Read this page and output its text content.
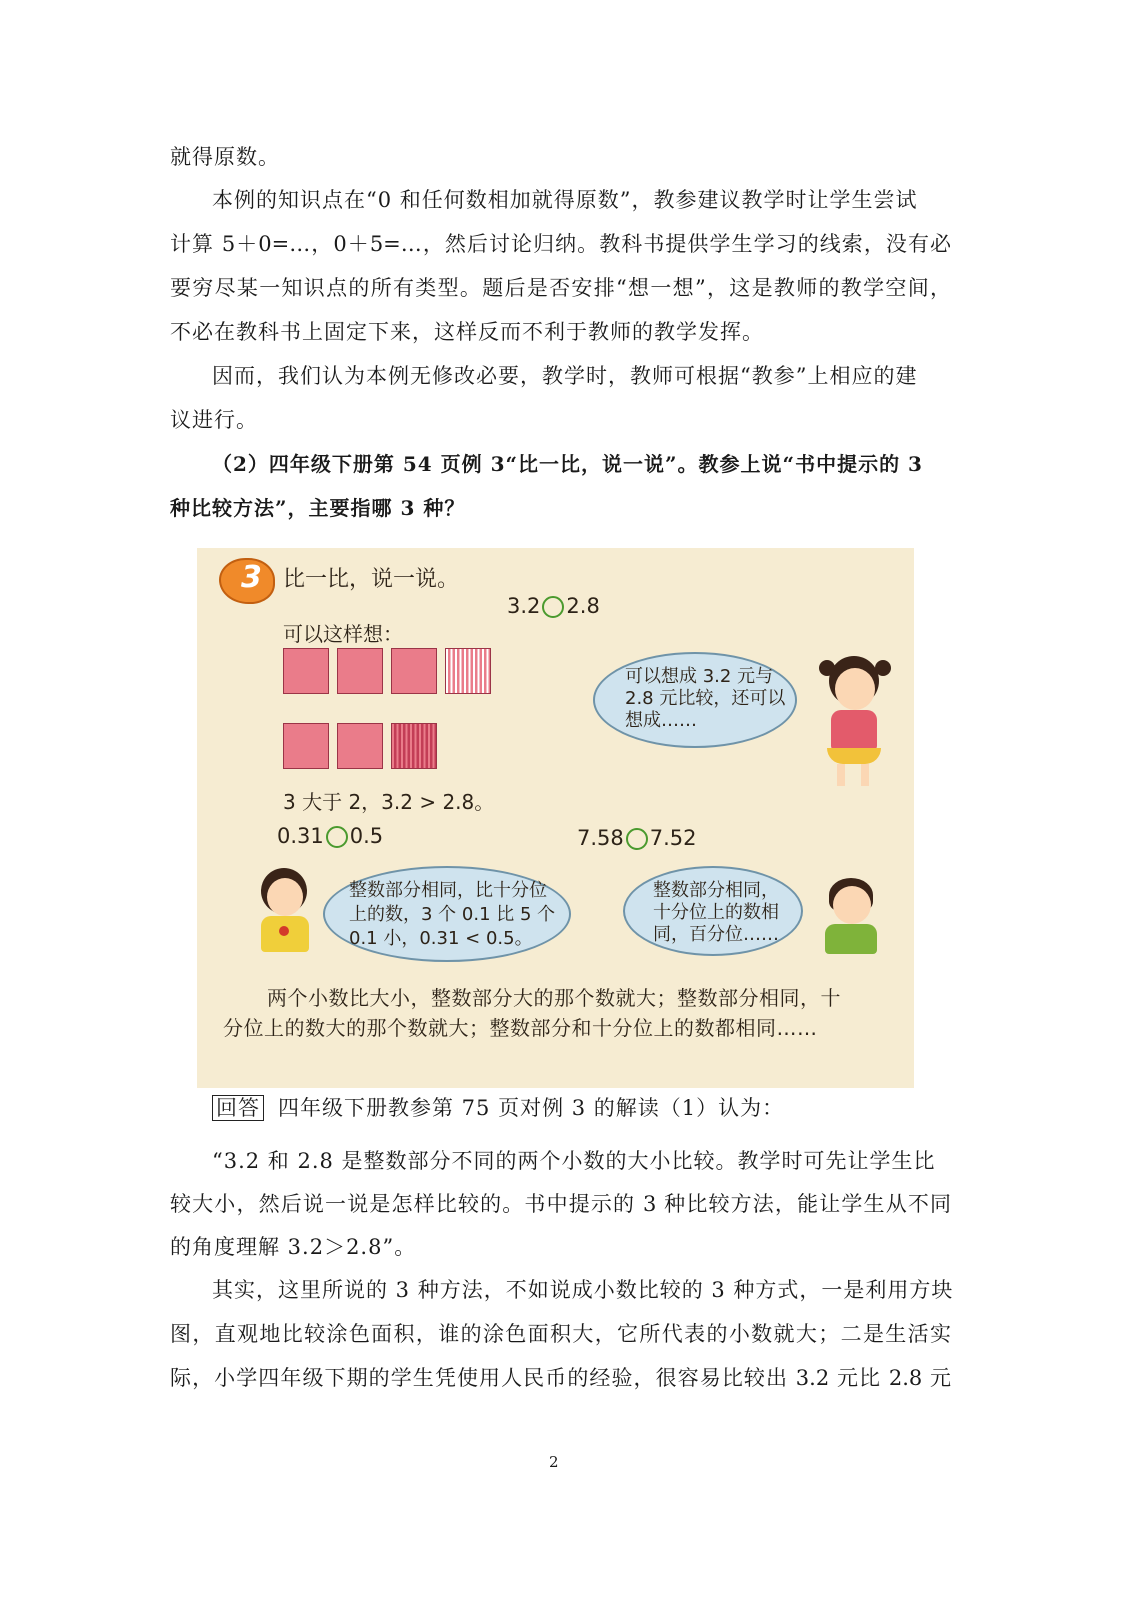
就得原数。
本例的知识点在“0 和任何数相加就得原数”，教参建议教学时让学生尝试
计算 5＋0=…，0＋5=…，然后讨论归纳。教科书提供学生学习的线索，没有必
要穷尽某一知识点的所有类型。题后是否安排“想一想”，这是教师的教学空间，
不必在教科书上固定下来，这样反而不利于教师的教学发挥。
因而，我们认为本例无修改必要，教学时，教师可根据“教参”上相应的建
议进行。
（2）四年级下册第 54 页例 3“比一比，说一说”。教参上说“书中提示的 3
种比较方法”，主要指哪 3 种？
3 比一比，说一说。
3.2 2.8
可以这样想：
可以想成 3.2 元与
2.8 元比较，还可以
想成……
3 大于 2，3.2 > 2.8。
0.31 0.5	7.58 7.52
整数部分相同，比十分位
上的数，3 个 0.1 比 5 个
0.1 小，0.31 < 0.5。
整数部分相同，
十分位上的数相
同，百分位……
两个小数比大小，整数部分大的那个数就大；整数部分相同，十
分位上的数大的那个数就大；整数部分和十分位上的数都相同……
回答 四年级下册教参第 75 页对例 3 的解读（1）认为：
“3.2 和 2.8 是整数部分不同的两个小数的大小比较。教学时可先让学生比
较大小，然后说一说是怎样比较的。书中提示的 3 种比较方法，能让学生从不同
的角度理解 3.2＞2.8”。
其实，这里所说的 3 种方法，不如说成小数比较的 3 种方式，一是利用方块
图，直观地比较涂色面积，谁的涂色面积大，它所代表的小数就大；二是生活实
际，小学四年级下期的学生凭使用人民币的经验，很容易比较出 3.2 元比 2.8 元
2
